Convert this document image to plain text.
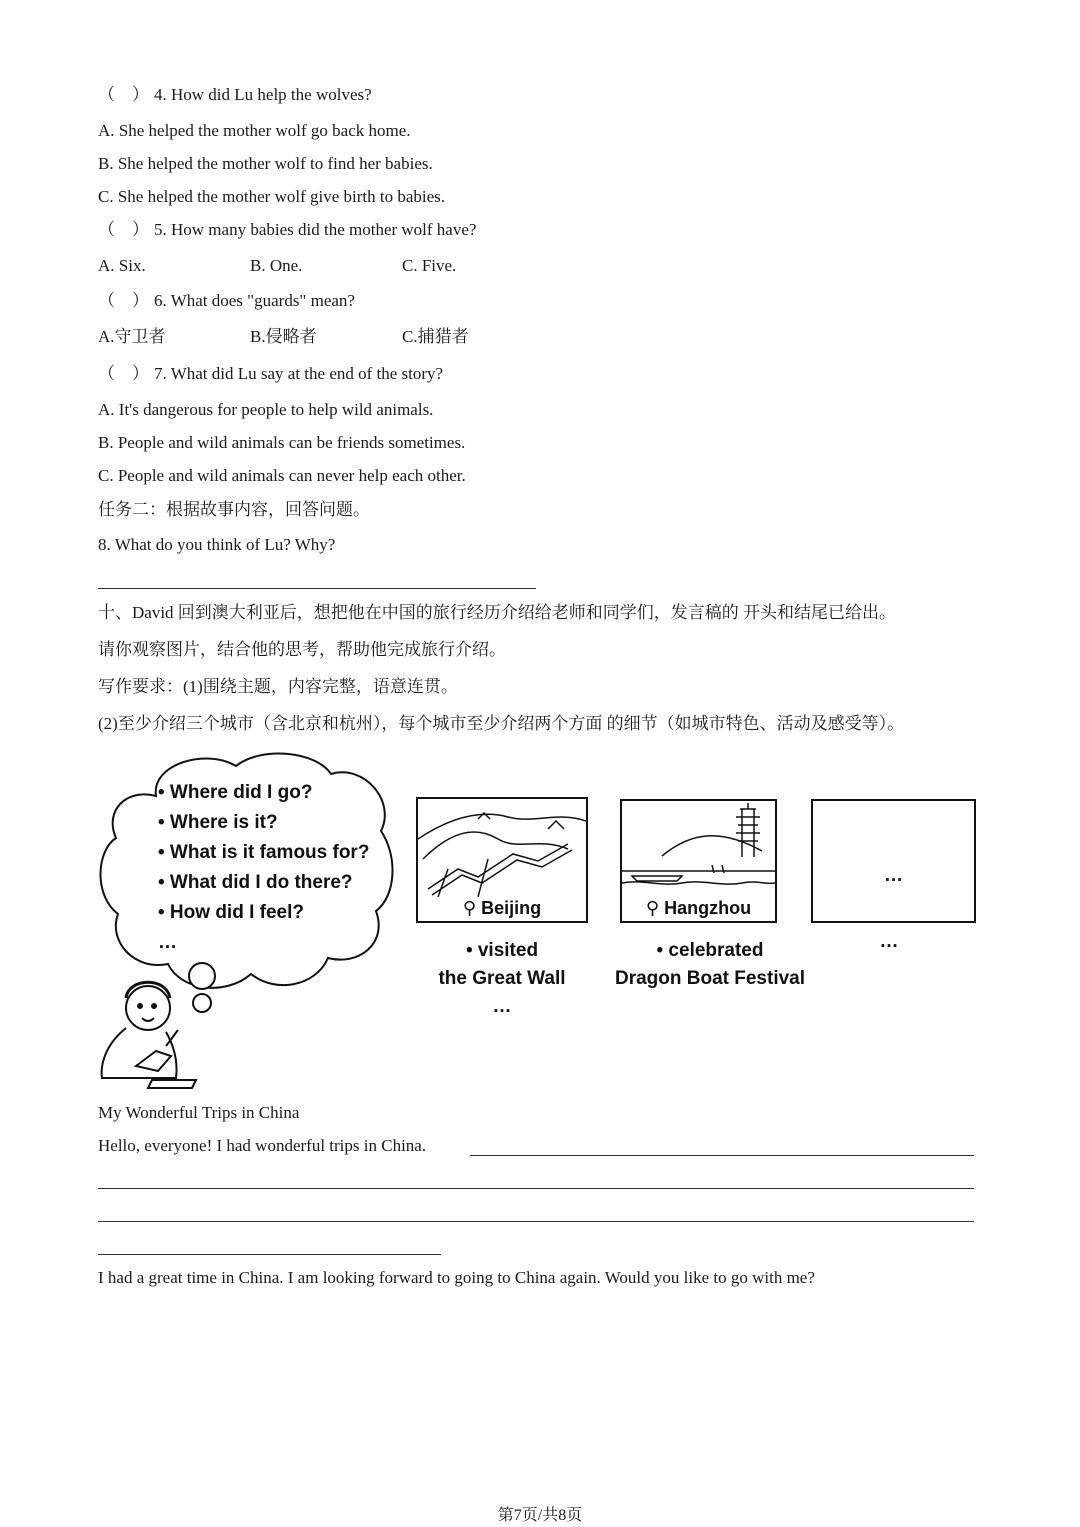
（　） 4. How did Lu help the wolves?
A. She helped the mother wolf go back home.
B. She helped the mother wolf to find her babies.
C. She helped the mother wolf give birth to babies.
（　） 5. How many babies did the mother wolf have?
A. Six.	B. One.	C. Five.
（　） 6. What does "guards" mean?
A.守卫者	B.侵略者	C.捕猎者
（　） 7. What did Lu say at the end of the story?
A. It's dangerous for people to help wild animals.
B. People and wild animals can be friends sometimes.
C. People and wild animals can never help each other.
任务二：根据故事内容，回答问题。
8. What do you think of Lu? Why?
十、David 回到澳大利亚后，想把他在中国的旅行经历介绍给老师和同学们，发言稿的 开头和结尾已给出。
请你观察图片，结合他的思考，帮助他完成旅行介绍。
写作要求：(1)围绕主题，内容完整，语意连贯。
(2)至少介绍三个城市（含北京和杭州），每个城市至少介绍两个方面 的细节（如城市特色、活动及感受等）。
• Where did I go?
• Where is it?
• What is it famous for?
• What did I do there?
• How did I feel?
…
⚲ Beijing
• visited
the Great Wall
…
⚲ Hangzhou
• celebrated
Dragon Boat Festival
…
…
My Wonderful Trips in China
Hello, everyone! I had wonderful trips in China.
I had a great time in China. I am looking forward to going to China again. Would you like to go with me?
第7页/共8页
